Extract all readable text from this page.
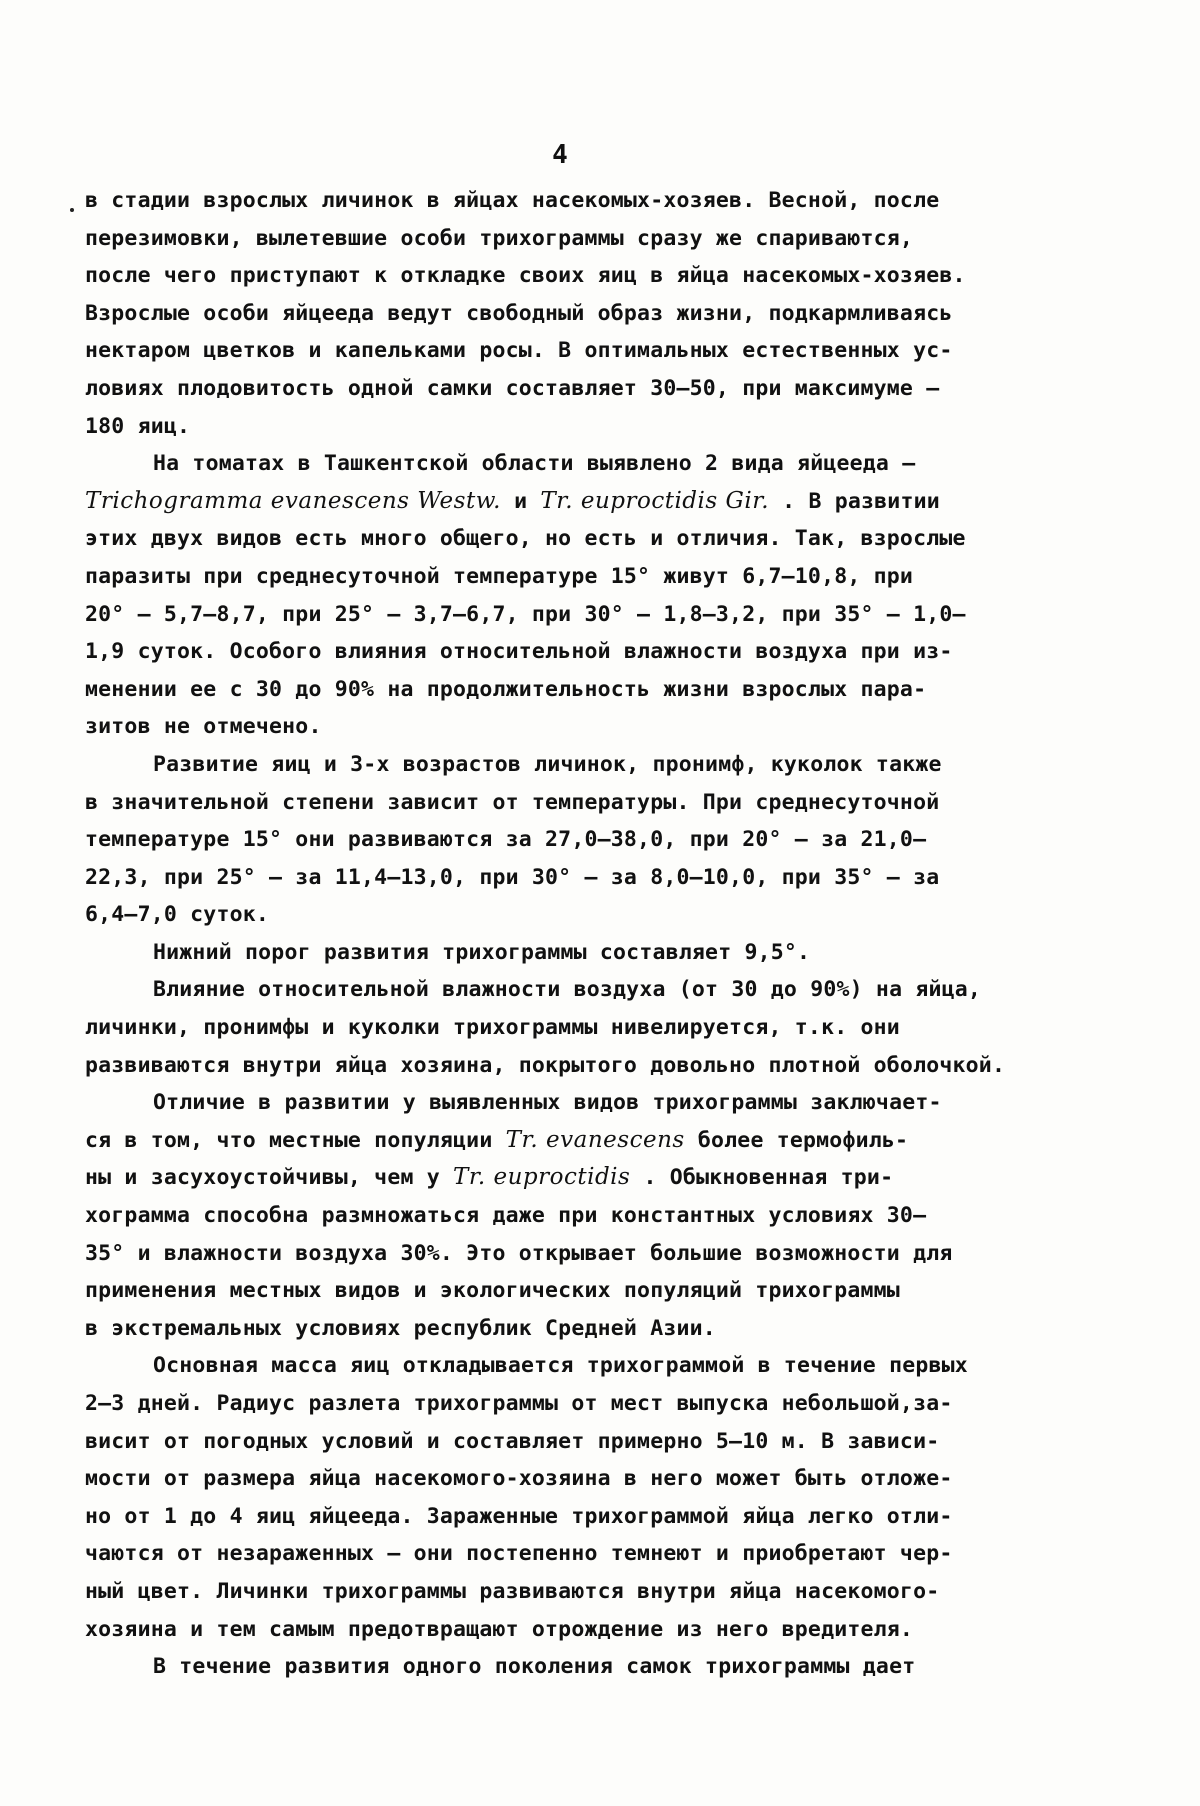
4
в стадии взрослых личинок в яйцах насекомых-хозяев. Весной, после
перезимовки, вылетевшие особи трихограммы сразу же спариваются,
после чего приступают к откладке своих яиц в яйца насекомых-хозяев.
Взрослые особи яйцееда ведут свободный образ жизни, подкармливаясь
нектаром цветков и капельками росы. В оптимальных естественных ус-
ловиях плодовитость одной самки составляет 30–50, при максимуме –
180 яиц.
На томатах в Ташкентской области выявлено 2 вида яйцееда –
Trichogramma evanescens Westw. и Tr. euproctidis Gir. . В развитии
этих двух видов есть много общего, но есть и отличия. Так, взрослые
паразиты при среднесуточной температуре 15° живут 6,7–10,8, при
20° – 5,7–8,7, при 25° – 3,7–6,7, при 30° – 1,8–3,2, при 35° – 1,0–
1,9 суток. Особого влияния относительной влажности воздуха при из-
менении ее с 30 до 90% на продолжительность жизни взрослых пара-
зитов не отмечено.
Развитие яиц и 3-х возрастов личинок, пронимф, куколок также
в значительной степени зависит от температуры. При среднесуточной
температуре 15° они развиваются за 27,0–38,0, при 20° – за 21,0–
22,3, при 25° – за 11,4–13,0, при 30° – за 8,0–10,0, при 35° – за
6,4–7,0 суток.
Нижний порог развития трихограммы составляет 9,5°.
Влияние относительной влажности воздуха (от 30 до 90%) на яйца,
личинки, пронимфы и куколки трихограммы нивелируется, т.к. они
развиваются внутри яйца хозяина, покрытого довольно плотной оболочкой.
Отличие в развитии у выявленных видов трихограммы заключает-
ся в том, что местные популяции Tr. evanescens более термофиль-
ны и засухоустойчивы, чем у Tr. euproctidis . Обыкновенная три-
хограмма способна размножаться даже при константных условиях 30–
35° и влажности воздуха 30%. Это открывает большие возможности для
применения местных видов и экологических популяций трихограммы
в экстремальных условиях республик Средней Азии.
Основная масса яиц откладывается трихограммой в течение первых
2–3 дней. Радиус разлета трихограммы от мест выпуска небольшой,за-
висит от погодных условий и составляет примерно 5–10 м. В зависи-
мости от размера яйца насекомого-хозяина в него может быть отложе-
но от 1 до 4 яиц яйцееда. Зараженные трихограммой яйца легко отли-
чаются от незараженных – они постепенно темнеют и приобретают чер-
ный цвет. Личинки трихограммы развиваются внутри яйца насекомого-
хозяина и тем самым предотвращают отрождение из него вредителя.
В течение развития одного поколения самок трихограммы дает
